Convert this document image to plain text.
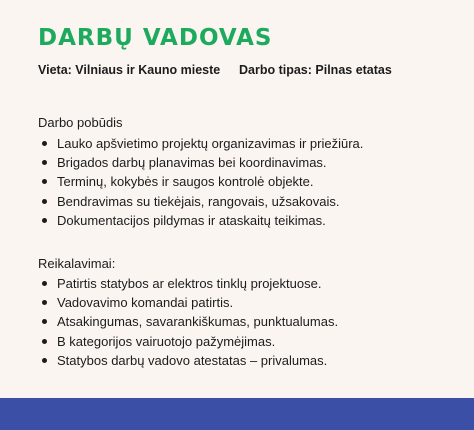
DARBŲ VADOVAS
Vieta: Vilniaus ir Kauno mieste Darbo tipas: Pilnas etatas
Darbo pobūdis
Lauko apšvietimo projektų organizavimas ir priežiūra.
Brigados darbų planavimas bei koordinavimas.
Terminų, kokybės ir saugos kontrolė objekte.
Bendravimas su tiekėjais, rangovais, užsakovais.
Dokumentacijos pildymas ir ataskaitų teikimas.
Reikalavimai:
Patirtis statybos ar elektros tinklų projektuose.
Vadovavimo komandai patirtis.
Atsakingumas, savarankiškumas, punktualumas.
B kategorijos vairuotojo pažymėjimas.
Statybos darbų vadovo atestatas – privalumas.
